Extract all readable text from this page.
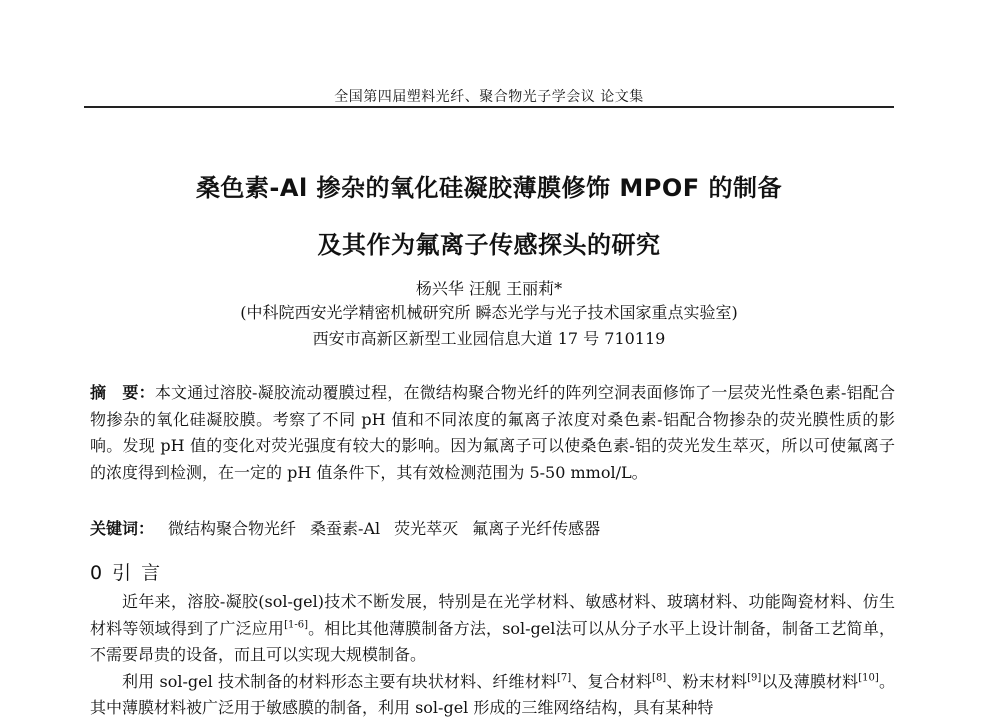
全国第四届塑料光纤、聚合物光子学会议 论文集
桑色素-Al 掺杂的氧化硅凝胶薄膜修饰 MPOF 的制备
及其作为氟离子传感探头的研究
杨兴华 汪舰 王丽莉*
(中科院西安光学精密机械研究所 瞬态光学与光子技术国家重点实验室)
西安市高新区新型工业园信息大道 17 号 710119
摘　要：本文通过溶胶-凝胶流动覆膜过程，在微结构聚合物光纤的阵列空洞表面修饰了一层荧光性桑色素-铝配合物掺杂的氧化硅凝胶膜。考察了不同 pH 值和不同浓度的氟离子浓度对桑色素-铝配合物掺杂的荧光膜性质的影响。发现 pH 值的变化对荧光强度有较大的影响。因为氟离子可以使桑色素-铝的荧光发生萃灭，所以可使氟离子的浓度得到检测，在一定的 pH 值条件下，其有效检测范围为 5-50 mmol/L。
关键词： 微结构聚合物光纤 桑蚕素-Al 荧光萃灭 氟离子光纤传感器
0 引 言

近年来，溶胶-凝胶(sol-gel)技术不断发展，特别是在光学材料、敏感材料、玻璃材料、功能陶瓷材料、仿生材料等领域得到了广泛应用[1-6]。相比其他薄膜制备方法，sol-gel法可以从分子水平上设计制备，制备工艺简单，不需要昂贵的设备，而且可以实现大规模制备。

利用 sol-gel 技术制备的材料形态主要有块状材料、纤维材料[7]、复合材料[8]、粉末材料[9]以及薄膜材料[10]。其中薄膜材料被广泛用于敏感膜的制备，利用 sol-gel 形成的三维网络结构，具有某种特
